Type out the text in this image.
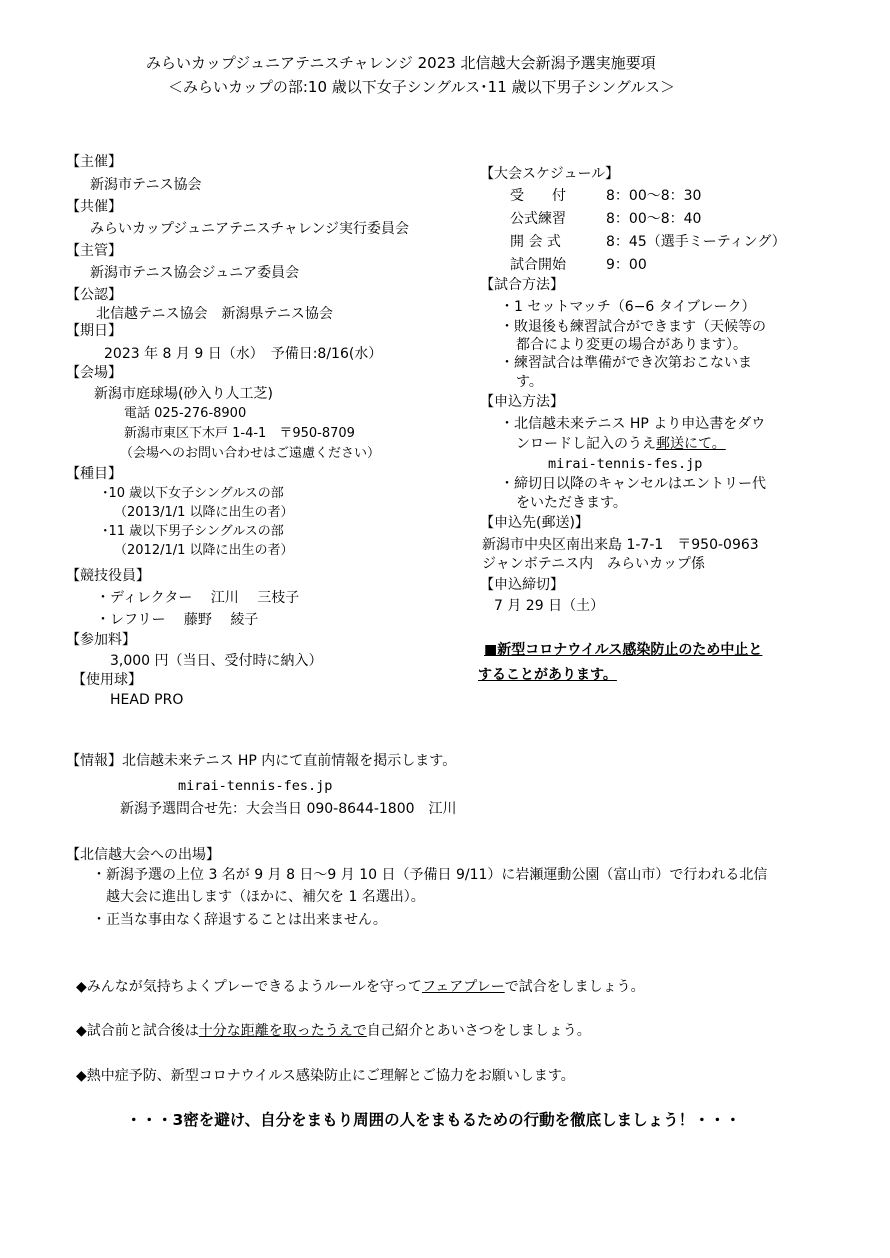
みらいカップジュニアテニスチャレンジ 2023 北信越大会新潟予選実施要項
＜みらいカップの部:10 歳以下女子シングルス･11 歳以下男子シングルス＞
【主催】
新潟市テニス協会
【共催】
みらいカップジュニアテニスチャレンジ実行委員会
【主管】
新潟市テニス協会ジュニア委員会
【公認】
北信越テニス協会　新潟県テニス協会
【期日】
2023 年 8 月 9 日（水）　予備日:8/16(水）
【会場】
新潟市庭球場(砂入り人工芝)
電話 025-276-8900
新潟市東区下木戸 1-4-1　〒950-8709
（会場へのお問い合わせはご遠慮ください）
【種目】
･10 歳以下女子シングルスの部
（2013/1/1 以降に出生の者）
･11 歳以下男子シングルスの部
（2012/1/1 以降に出生の者）
【競技役員】
・ディレクター　 江川　 三枝子
・レフリー　 藤野　 綾子
【参加料】
3,000 円（当日、受付時に納入）
【使用球】
HEAD PRO
【大会スケジュール】
受　　付	8：00～8：30
公式練習	8：00～8：40
開 会 式	8：45（選手ミーティング）
試合開始	9：00
【試合方法】
・1 セットマッチ（6−6 タイブレーク）
・敗退後も練習試合ができます（天候等の
都合により変更の場合があります）。
・練習試合は準備ができ次第おこないま
す。
【申込方法】
・北信越未来テニス HP より申込書をダウ
ンロードし記入のうえ郵送にて。
mirai-tennis-fes.jp
・締切日以降のキャンセルはエントリー代
をいただきます。
【申込先(郵送)】
新潟市中央区南出来島 1-7-1　〒950-0963
ジャンボテニス内　みらいカップ係
【申込締切】
7 月 29 日（土）
■新型コロナウイルス感染防止のため中止と
することがあります。
【情報】北信越未来テニス HP 内にて直前情報を掲示します。
mirai-tennis-fes.jp
新潟予選問合せ先：大会当日 090-8644-1800　江川
【北信越大会への出場】
・新潟予選の上位 3 名が 9 月 8 日～9 月 10 日（予備日 9/11）に岩瀬運動公園（富山市）で行われる北信
越大会に進出します（ほかに、補欠を 1 名選出）。
・正当な事由なく辞退することは出来ません。
◆みんなが気持ちよくプレーできるようルールを守ってフェアプレーで試合をしましょう。
◆試合前と試合後は十分な距離を取ったうえで自己紹介とあいさつをしましょう。
◆熱中症予防、新型コロナウイルス感染防止にご理解とご協力をお願いします。
・・・3密を避け、自分をまもり周囲の人をまもるための行動を徹底しましょう！・・・
